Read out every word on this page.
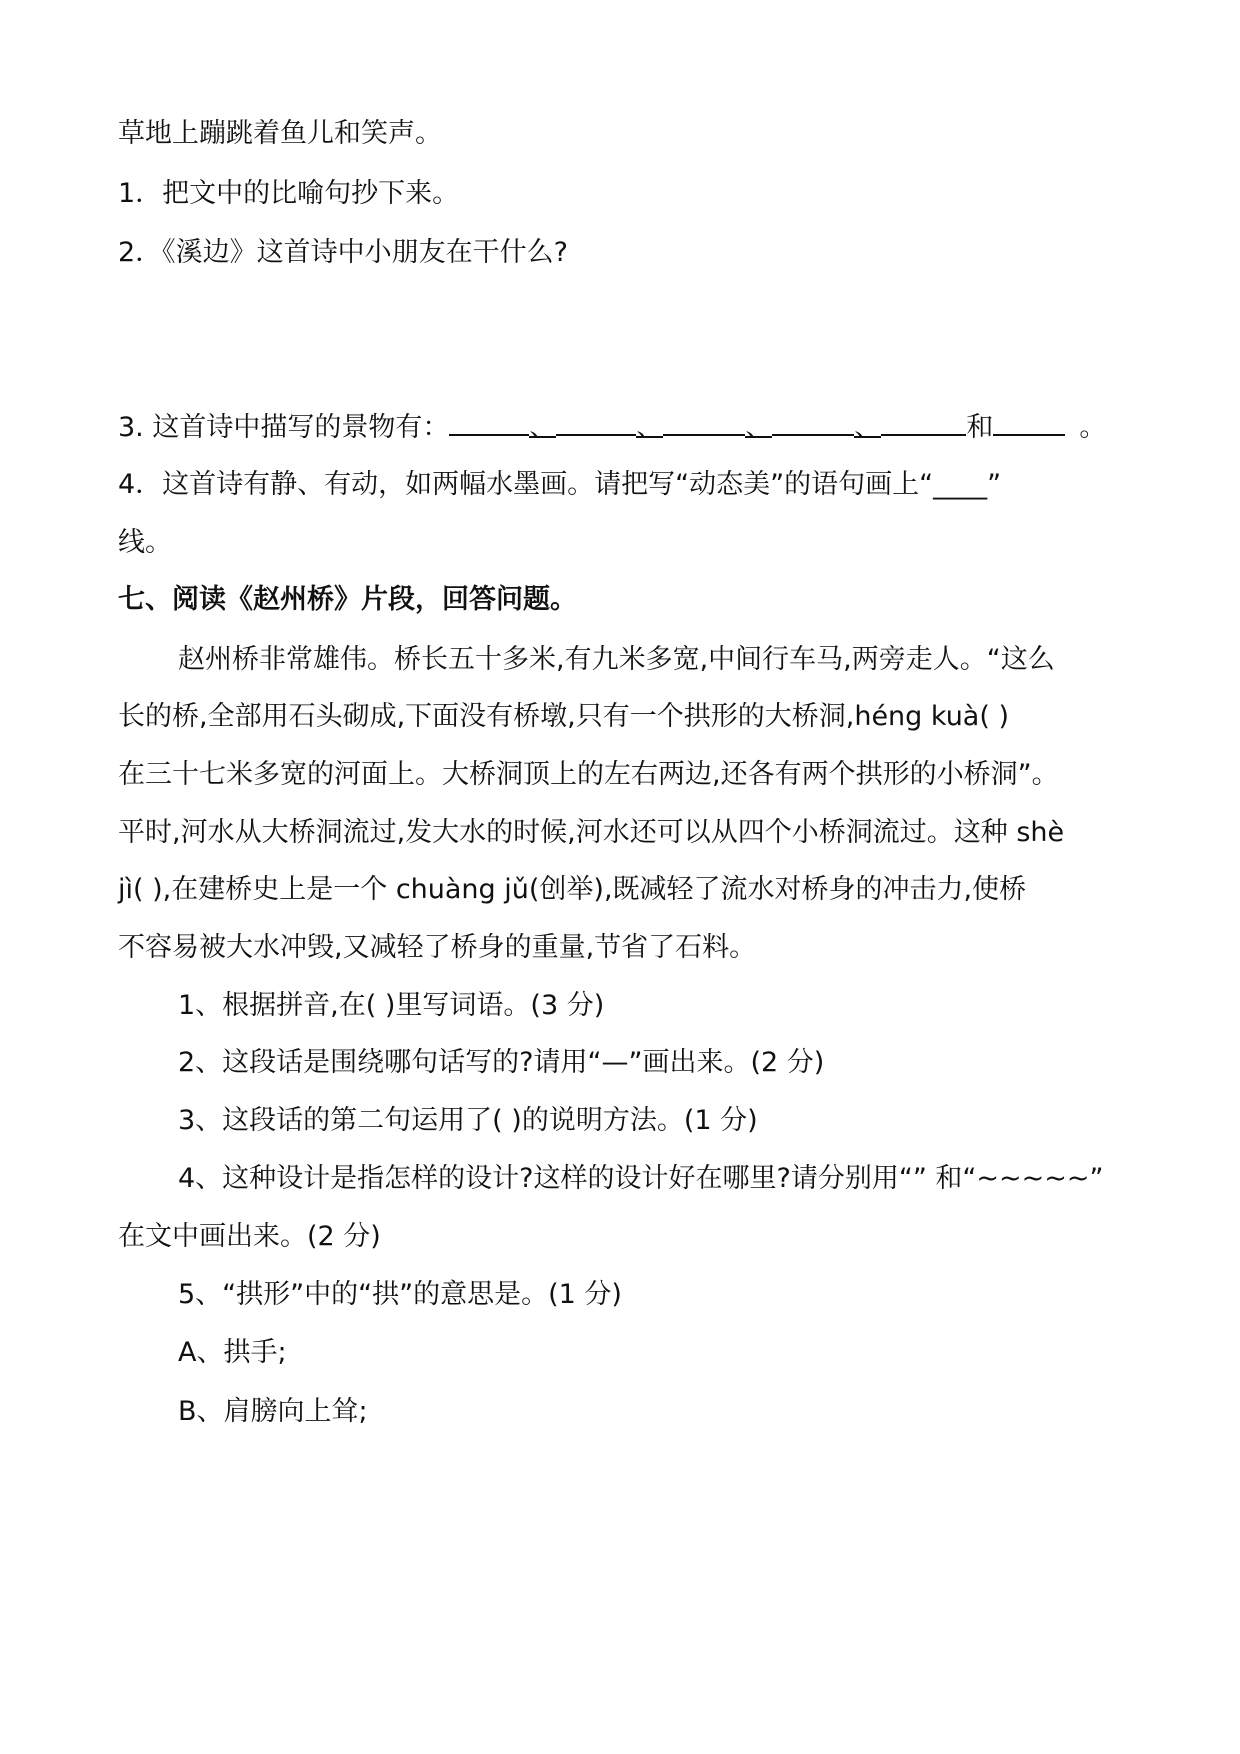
草地上蹦跳着鱼儿和笑声。
1．把文中的比喻句抄下来。
2．《溪边》这首诗中小朋友在干什么?
3. 这首诗中描写的景物有：	、	、	、	、	和	。
4．这首诗有静、有动，如两幅水墨画。请把写“动态美”的语句画上“____”
线。
七、阅读《赵州桥》片段，回答问题。
赵州桥非常雄伟。桥长五十多米,有九米多宽,中间行车马,两旁走人。“这么
长的桥,全部用石头砌成,下面没有桥墩,只有一个拱形的大桥洞,héng kuà( )
在三十七米多宽的河面上。大桥洞顶上的左右两边,还各有两个拱形的小桥洞”。
平时,河水从大桥洞流过,发大水的时候,河水还可以从四个小桥洞流过。这种 shè
jì( ),在建桥史上是一个 chuàng jǔ(创举),既减轻了流水对桥身的冲击力,使桥
不容易被大水冲毁,又减轻了桥身的重量,节省了石料。
1、根据拼音,在( )里写词语。(3 分)
2、这段话是围绕哪句话写的?请用“—”画出来。(2 分)
3、这段话的第二句运用了( )的说明方法。(1 分)
4、这种设计是指怎样的设计?这样的设计好在哪里?请分别用“” 和“~~~~~”
在文中画出来。(2 分)
5、“拱形”中的“拱”的意思是。(1 分)
A、拱手;
B、肩膀向上耸;
